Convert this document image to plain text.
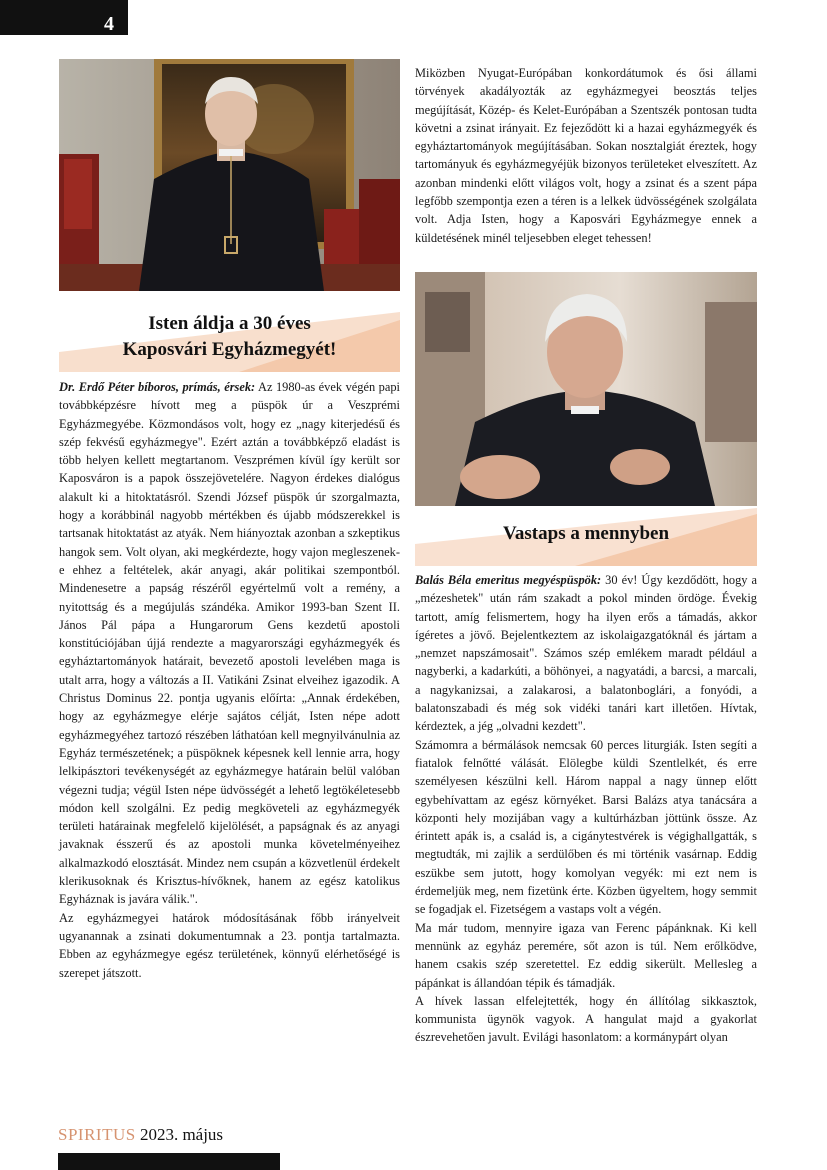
4
Isten áldja a 30 éves
Kaposvári Egyházmegyét!

Dr. Erdő Péter bíboros, prímás, érsek: Az 1980-as évek végén papi továbbképzésre hívott meg a püspök úr a Veszprémi Egyházmegyébe. Közmondásos volt, hogy ez „nagy kiterjedésű és szép fekvésű egyházmegye". Ezért aztán a továbbképző eladást is több helyen kellett megtartanom. Veszprémen kívül így került sor Kaposváron is a papok összejövetelére. Nagyon érdekes dialógus alakult ki a hitoktatásról. Szendi József püspök úr szorgalmazta, hogy a korábbinál nagyobb mértékben és újabb módszerekkel is tartsanak hitoktatást az atyák. Nem hiányoztak azonban a szkeptikus hangok sem. Volt olyan, aki megkérdezte, hogy vajon megleszenek-e ehhez a feltételek, akár anyagi, akár politikai szempontból. Mindenesetre a papság részéről egyértelmű volt a remény, a nyitottság és a megújulás szándéka. Amikor 1993-ban Szent II. János Pál pápa a Hungarorum Gens kezdetű apostoli konstitúciójában újjá rendezte a magyarországi egyházmegyék és egyháztartományok határait, bevezető apostoli levelében maga is utalt arra, hogy a változás a II. Vatikáni Zsinat elveihez igazodik. A Christus Dominus 22. pontja ugyanis előírta: „Annak érdekében, hogy az egyházmegye elérje sajátos célját, Isten népe adott egyházmegyéhez tartozó részében láthatóan kell megnyilvánulnia az Egyház természetének; a püspöknek képesnek kell lennie arra, hogy lelkipásztori tevékenységét az egyházmegye határain belül valóban végezni tudja; végül Isten népe üdvösségét a lehető legtökéletesebb módon kell szolgálni. Ez pedig megköveteli az egyházmegyék területi határainak megfelelő kijelölését, a papságnak és az anyagi javaknak ésszerű és az apostoli munka követelményeihez alkalmazkodó elosztását. Mindez nem csupán a közvetlenül érdekelt klerikusoknak és Krisztus-hívőknek, hanem az egész katolikus Egyháznak is javára válik.".

Az egyházmegyei határok módosításának főbb irányelveit ugyanannak a zsinati dokumentumnak a 23. pontja tartalmazta. Ebben az egyházmegye egész területének, könnyű elérhetőségé is szerepet játszott.

Miközben Nyugat-Európában konkordátumok és ősi állami törvények akadályozták az egyházmegyei beosztás teljes megújítását, Közép- és Kelet-Európában a Szentszék pontosan tudta követni a zsinat irányait. Ez fejeződött ki a hazai egyházmegyék és egyháztartományok megújításában. Sokan nosztalgiát éreztek, hogy tartományuk és egyházmegyéjük bizonyos területeket elveszített. Az azonban mindenki előtt világos volt, hogy a zsinat és a szent pápa legfőbb szempontja ezen a téren is a lelkek üdvösségének szolgálata volt. Adja Isten, hogy a Kaposvári Egyházmegye ennek a küldetésének minél teljesebben eleget tehessen!

Vastaps a mennyben

Balás Béla emeritus megyéspüspök: 30 év! Úgy kezdődött, hogy a „mézeshetek" után rám szakadt a pokol minden ördöge. Évekig tartott, amíg felismertem, hogy ha ilyen erős a támadás, akkor ígéretes a jövő. Bejelentkeztem az iskolaigazgatóknál és jártam a „nemzet napszámosait". Számos szép emlékem maradt például a nagyberki, a kadarkúti, a böhönyei, a nagyatádi, a barcsi, a marcali, a nagykanizsai, a zalakarosi, a balatonboglári, a fonyódi, a balatonszabadi és még sok vidéki tanári kart illetően. Hívtak, kérdeztek, a jég „olvadni kezdett".

Számomra a bérmálások nemcsak 60 perces liturgiák. Isten segíti a fiatalok felnőtté válását. Elölegbe küldi Szentlelkét, és erre személyesen készülni kell. Három nappal a nagy ünnep előtt egybehívattam az egész környéket. Barsi Balázs atya tanácsára a központi hely mozijában vagy a kultúrházban jöttünk össze. Az érintett apák is, a család is, a cigánytestvérek is végighallgatták, s megtudták, mi zajlik a serdülőben és mi történik vasárnap. Eddig eszükbe sem jutott, hogy komolyan vegyék: mi ezt nem is érdemeljük meg, nem fizetünk érte. Közben ügyeltem, hogy semmit se fogadjak el. Fizetségem a vastaps volt a végén.

Ma már tudom, mennyire igaza van Ferenc pápánknak. Ki kell mennünk az egyház peremére, sőt azon is túl. Nem erőlködve, hanem csakis szép szeretettel. Ez eddig sikerült. Mellesleg a pápánkat is állandóan tépik és támadják.

A hívek lassan elfelejtették, hogy én állítólag sikkasztok, kommunista ügynök vagyok. A hangulat majd a gyakorlat észrevehetően javult. Evilági hasonlatom: a kormánypárt olyan

SPIRITUS 2023. május
